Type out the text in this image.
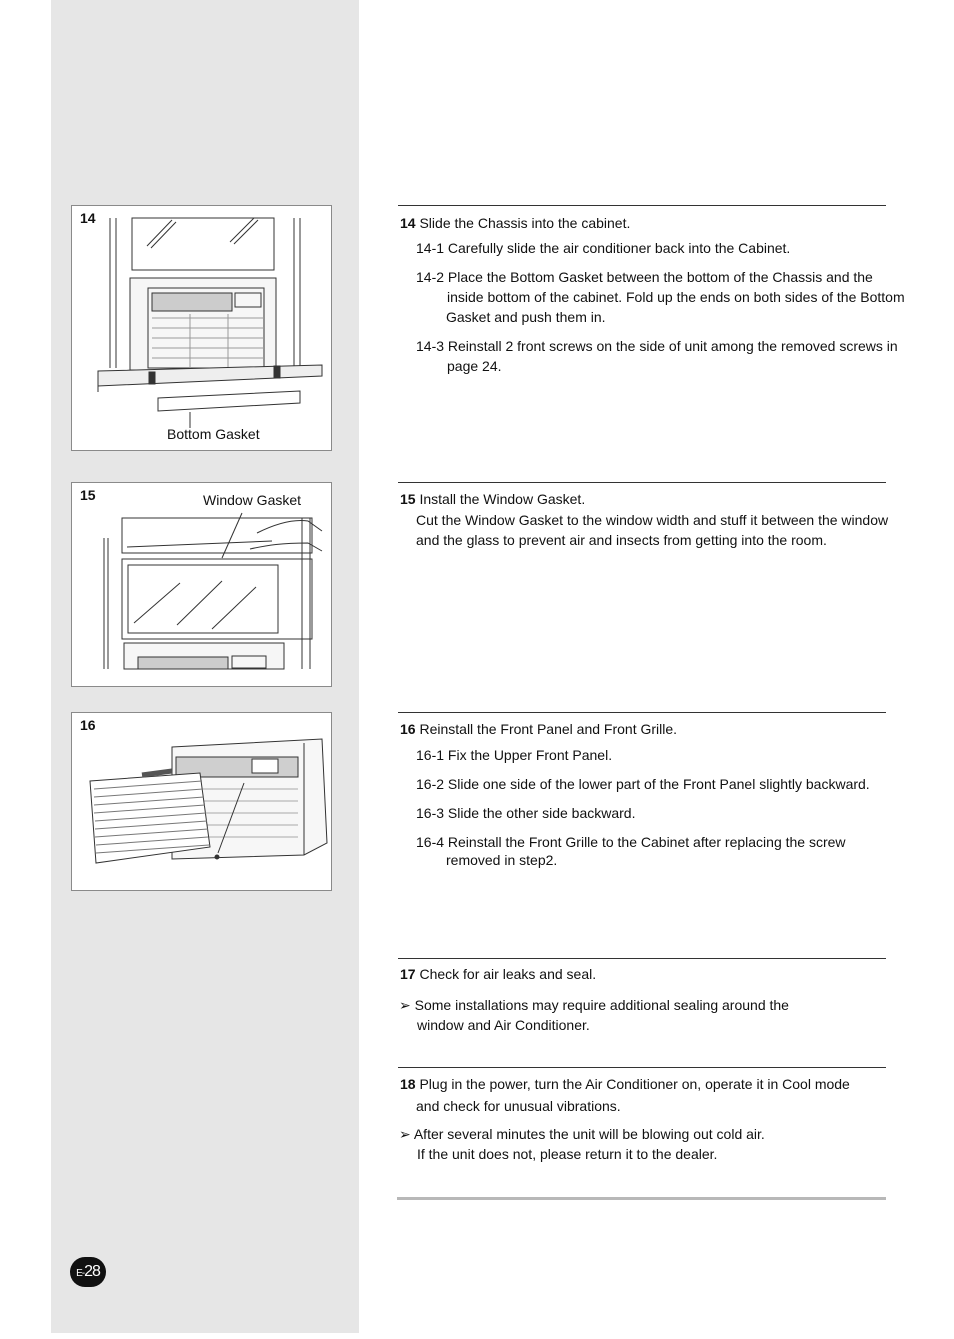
14
Bottom Gasket
15	Window Gasket
16
14 Slide the Chassis into the cabinet.
14-1 Carefully slide the air conditioner back into the Cabinet.
14-2 Place the Bottom Gasket between the bottom of the Chassis and the
inside bottom of the cabinet. Fold up the ends on both sides of the Bottom
Gasket and push them in.
14-3 Reinstall 2 front screws on the side of unit among the removed screws in
page 24.
15 Install the Window Gasket.
Cut the Window Gasket to the window width and stuff it between the window
and the glass to prevent air and insects from getting into the room.
16 Reinstall the Front Panel and Front Grille.
16-1 Fix the Upper Front Panel.
16-2 Slide one side of the lower part of the Front Panel slightly backward.
16-3 Slide the other side backward.
16-4 Reinstall the Front Grille to the Cabinet after replacing the screw
removed in step2.
17 Check for air leaks and seal.
➢ Some installations may require additional sealing around the
window and Air Conditioner.
18 Plug in the power, turn the Air Conditioner on, operate it in Cool mode
and check for unusual vibrations.
➢ After several minutes the unit will be blowing out cold air.
If the unit does not, please return it to the dealer.
E-28
